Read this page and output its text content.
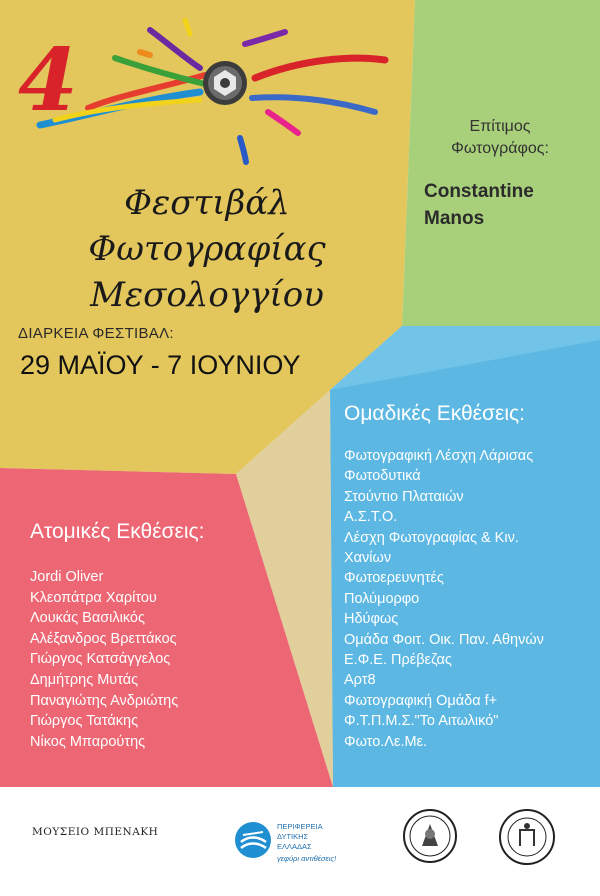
4
Φεστιβάλ Φωτογραφίας
Μεσολογγίου
ΔΙΑΡΚΕΙΑ ΦΕΣΤΙΒΑΛ:
29 ΜΑΪΟΥ - 7 ΙΟΥΝΙΟΥ
Επίτιμος
Φωτογράφος:
Constantine
Manos
Ομαδικές Εκθέσεις:
Φωτογραφική Λέσχη Λάρισας
Φωτοδυτικά
Στούντιο Πλαταιών
Α.Σ.Τ.Ο.
Λέσχη Φωτογραφίας & Κιν.
Χανίων
Φωτοερευνητές
Πολύμορφο
Ηδύφως
Ομάδα Φοιτ. Οικ. Παν. Αθηνών
Ε.Φ.Ε. Πρέβεζας
Αρτ8
Φωτογραφική Ομάδα f+
Φ.Τ.Π.Μ.Σ."Το Αιτωλικό"
Φωτο.Λε.Με.
Ατομικές Εκθέσεις:
Jordi Oliver
Κλεοπάτρα Χαρίτου
Λουκάς Βασιλικός
Αλέξανδρος Βρεττάκος
Γιώργος Κατσάγγελος
Δημήτρης Μυτάς
Παναγιώτης Ανδριώτης
Γιώργος Τατάκης
Νίκος Μπαρούτης
ΜΟΥΣΕΙΟ ΜΠΕΝΑΚΗ	ΠΕΡΙΦΕΡΕΙΑ
ΔΥΤΙΚΗΣ
ΕΛΛΑΔΑΣ
γεφύρι αντιθέσεις!
